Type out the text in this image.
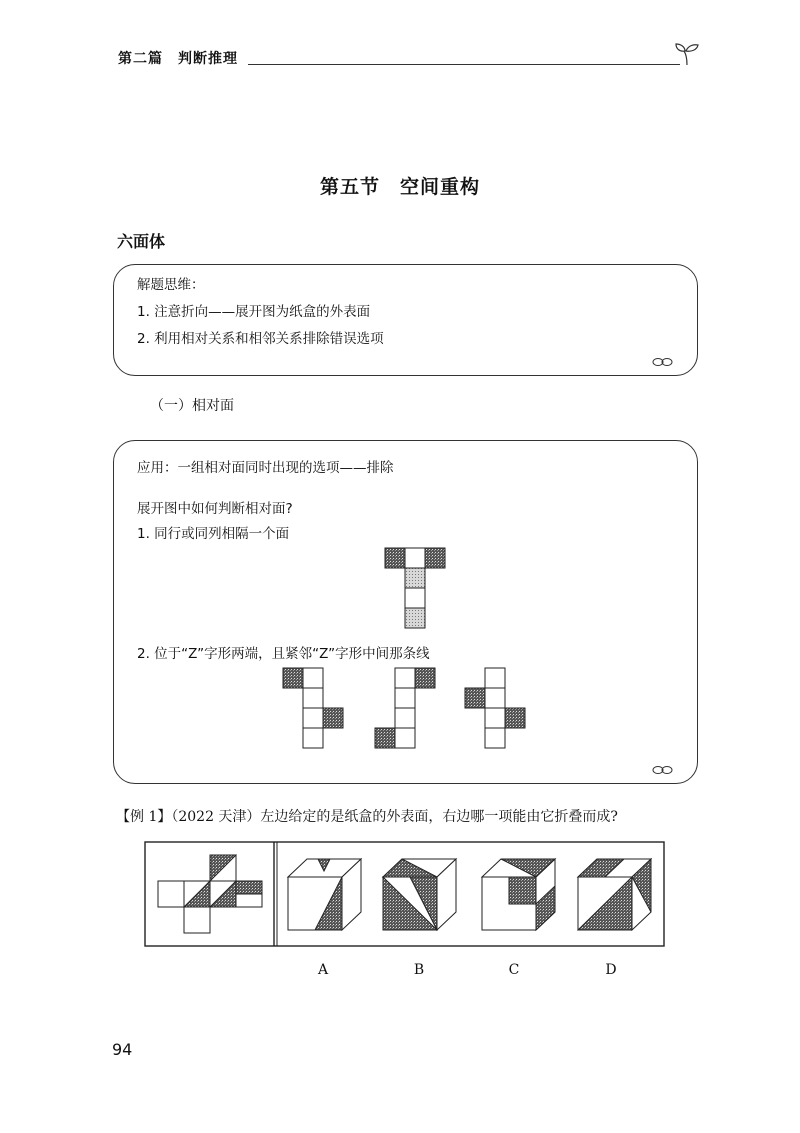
第二篇　判断推理
第五节　空间重构
六面体
解题思维：
1. 注意折向——展开图为纸盒的外表面
2. 利用相对关系和相邻关系排除错误选项
（一）相对面
应用：一组相对面同时出现的选项——排除
展开图中如何判断相对面?
1. 同行或同列相隔一个面
2. 位于“Z”字形两端，且紧邻“Z”字形中间那条线
【例 1】（2022 天津）左边给定的是纸盒的外表面，右边哪一项能由它折叠而成?
A	B	C	D
94
